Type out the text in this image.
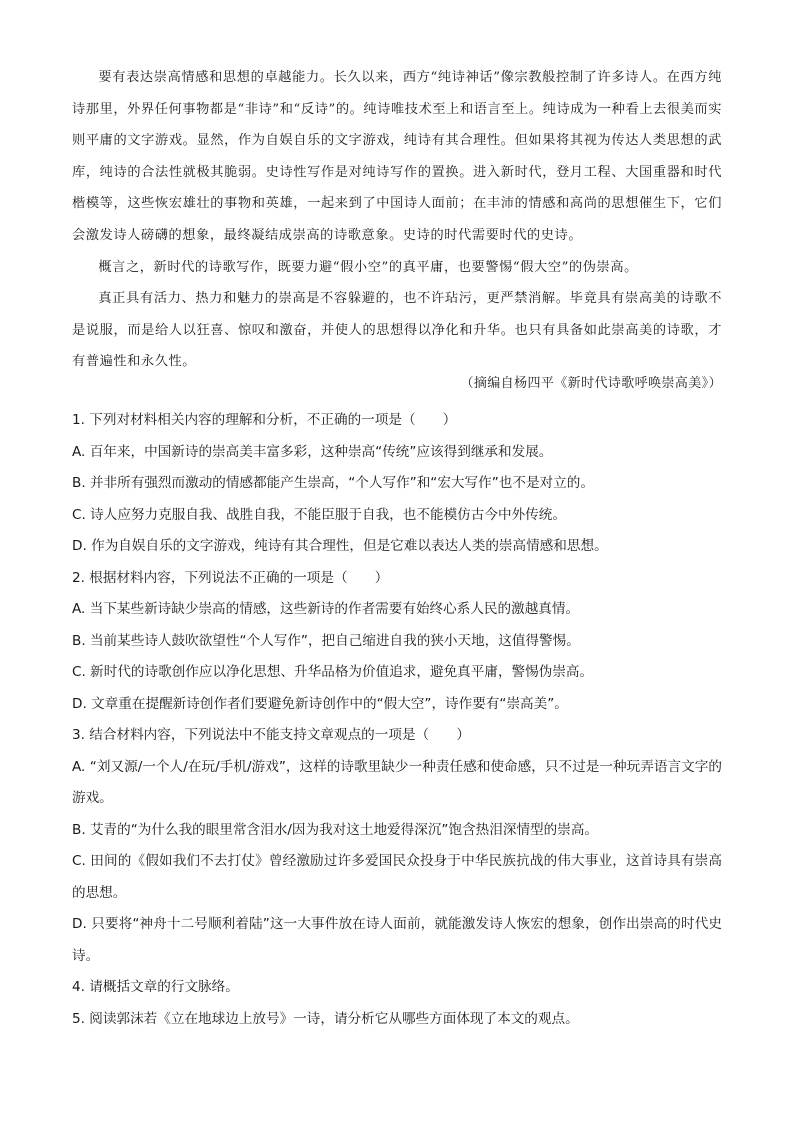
要有表达崇高情感和思想的卓越能力。长久以来，西方“纯诗神话”像宗教般控制了许多诗人。在西方纯诗那里，外界任何事物都是“非诗”和“反诗”的。纯诗唯技术至上和语言至上。纯诗成为一种看上去很美而实则平庸的文字游戏。显然，作为自娱自乐的文字游戏，纯诗有其合理性。但如果将其视为传达人类思想的武库，纯诗的合法性就极其脆弱。史诗性写作是对纯诗写作的置换。进入新时代，登月工程、大国重器和时代楷模等，这些恢宏雄壮的事物和英雄，一起来到了中国诗人面前；在丰沛的情感和高尚的思想催生下，它们会激发诗人磅礴的想象，最终凝结成崇高的诗歌意象。史诗的时代需要时代的史诗。

概言之，新时代的诗歌写作，既要力避“假小空”的真平庸，也要警惕“假大空”的伪崇高。

真正具有活力、热力和魅力的崇高是不容躲避的，也不许玷污，更严禁消解。毕竟具有崇高美的诗歌不是说服，而是给人以狂喜、惊叹和激奋，并使人的思想得以净化和升华。也只有具备如此崇高美的诗歌，才有普遍性和永久性。

（摘编自杨四平《新时代诗歌呼唤崇高美》）

1. 下列对材料相关内容的理解和分析，不正确的一项是（　　）

A. 百年来，中国新诗的崇高美丰富多彩，这种崇高“传统”应该得到继承和发展。

B. 并非所有强烈而激动的情感都能产生崇高，“个人写作”和“宏大写作”也不是对立的。

C. 诗人应努力克服自我、战胜自我，不能臣服于自我，也不能模仿古今中外传统。

D. 作为自娱自乐的文字游戏，纯诗有其合理性，但是它难以表达人类的崇高情感和思想。

2. 根据材料内容，下列说法不正确的一项是（　　）

A. 当下某些新诗缺少崇高的情感，这些新诗的作者需要有始终心系人民的激越真情。

B. 当前某些诗人鼓吹欲望性“个人写作”，把自己缩进自我的狭小天地，这值得警惕。

C. 新时代的诗歌创作应以净化思想、升华品格为价值追求，避免真平庸，警惕伪崇高。

D. 文章重在提醒新诗创作者们要避免新诗创作中的“假大空”，诗作要有“崇高美”。

3. 结合材料内容，下列说法中不能支持文章观点的一项是（　　）

A. “刘又源/一个人/在玩/手机/游戏”，这样的诗歌里缺少一种责任感和使命感，只不过是一种玩弄语言文字的游戏。

B. 艾青的“为什么我的眼里常含泪水/因为我对这土地爱得深沉”饱含热泪深情型的崇高。

C. 田间的《假如我们不去打仗》曾经激励过许多爱国民众投身于中华民族抗战的伟大事业，这首诗具有崇高的思想。

D. 只要将“神舟十二号顺利着陆”这一大事件放在诗人面前，就能激发诗人恢宏的想象，创作出崇高的时代史诗。

4. 请概括文章的行文脉络。

5. 阅读郭沫若《立在地球边上放号》一诗，请分析它从哪些方面体现了本文的观点。
